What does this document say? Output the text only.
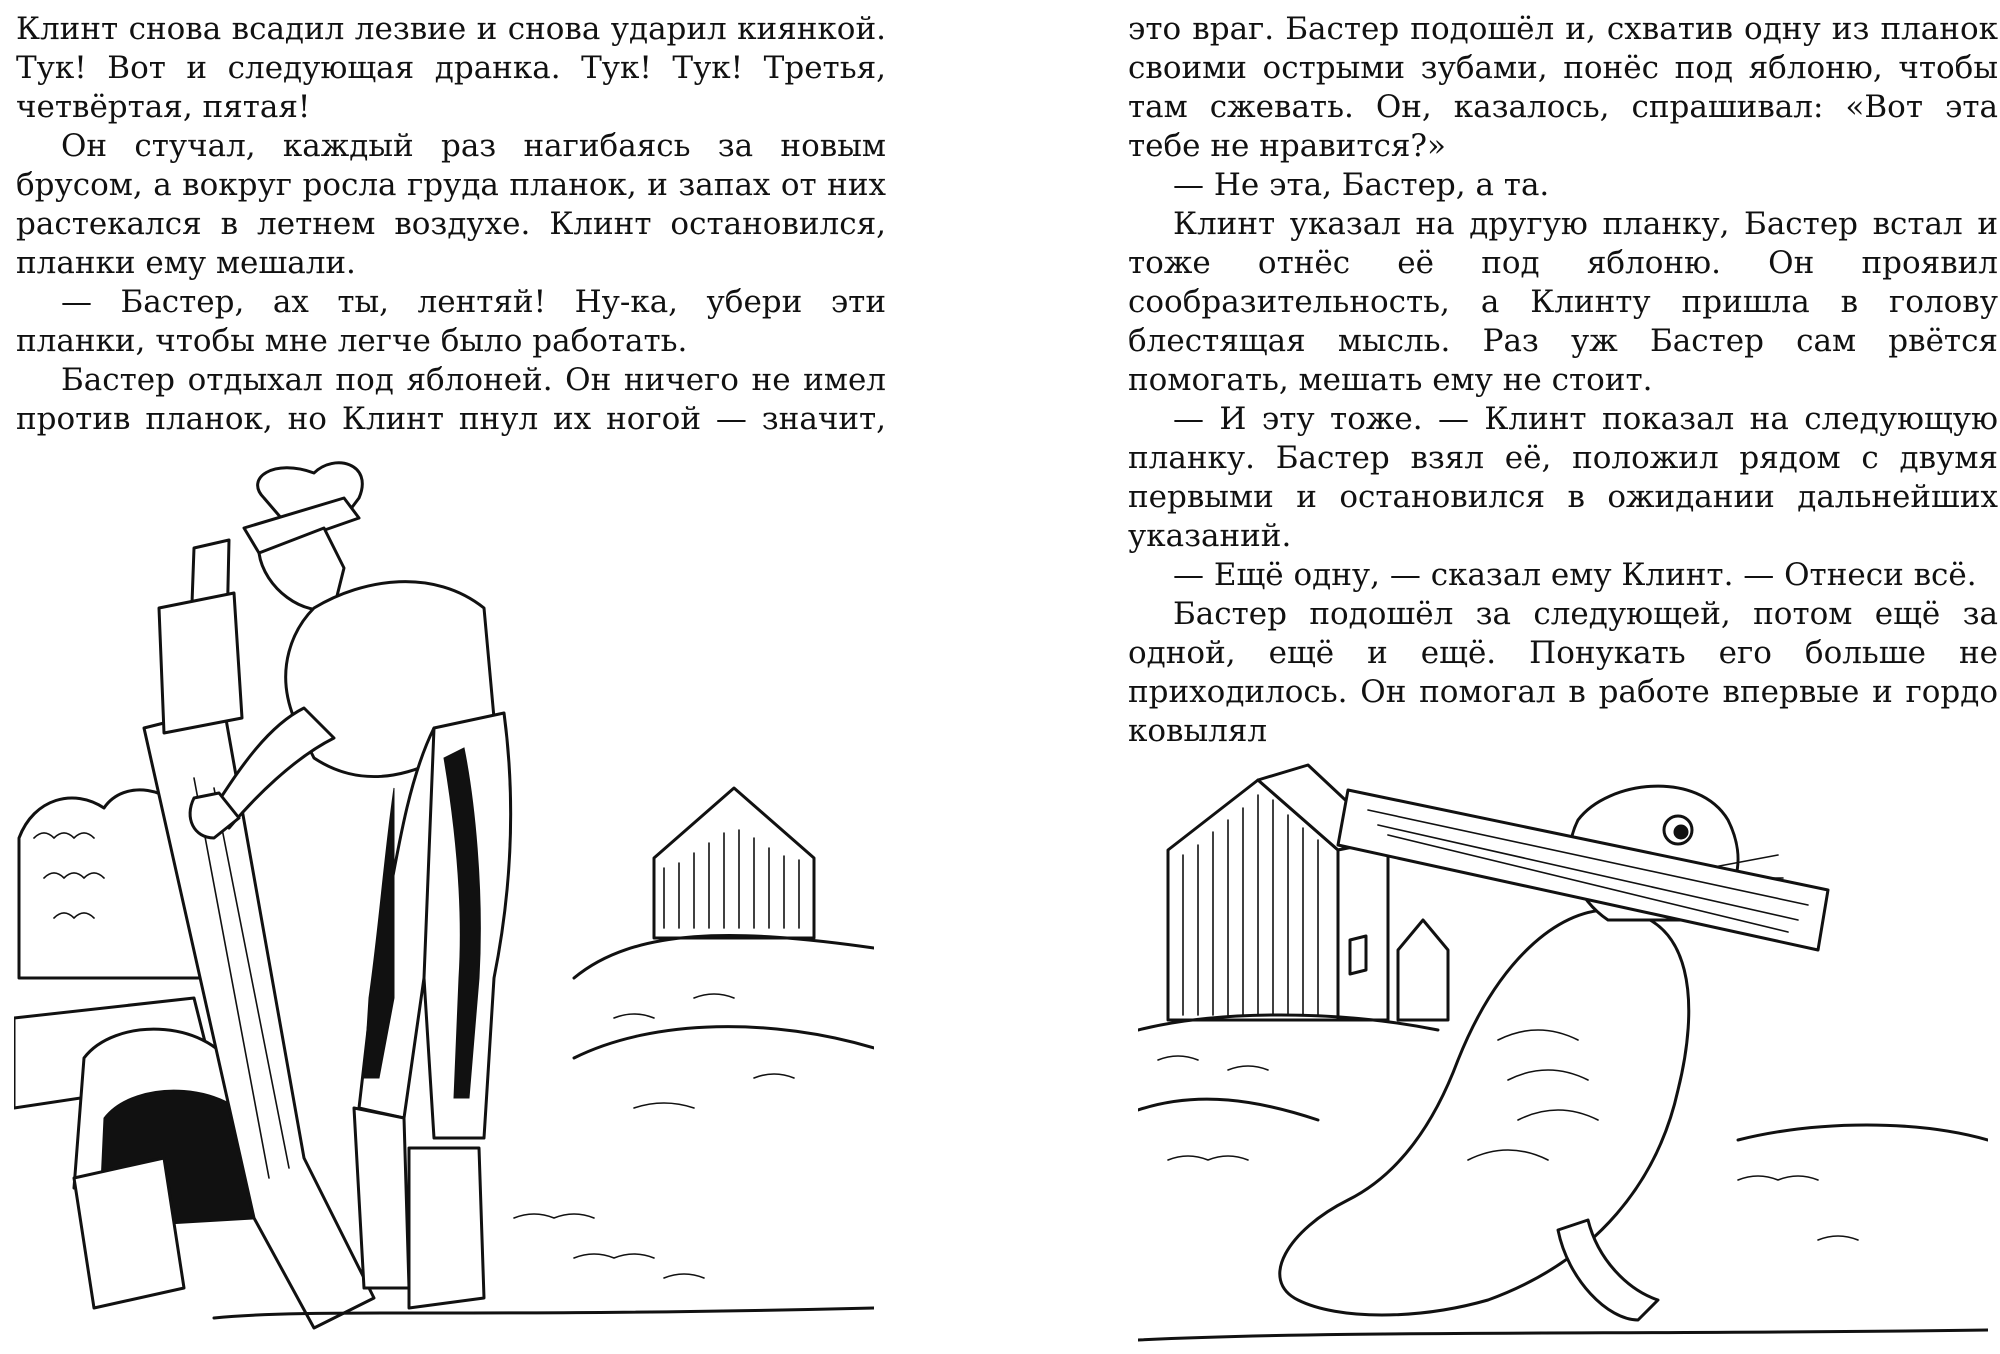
Клинт снова всадил лезвие и снова ударил киянкой. Тук! Вот и следующая дранка. Тук! Тук! Третья, четвёртая, пятая!

Он стучал, каждый раз нагибаясь за новым брусом, а вокруг росла груда планок, и запах от них растекался в летнем воздухе. Клинт остановился, планки ему мешали.

— Бастер, ах ты, лентяй! Ну-ка, убери эти планки, чтобы мне легче было работать.

Бастер отдыхал под яблоней. Он ничего не имел против планок, но Клинт пнул их ногой — значит,

это враг. Бастер подошёл и, схватив одну из планок своими острыми зубами, понёс под яблоню, чтобы там сжевать. Он, казалось, спрашивал: «Вот эта тебе не нравится?»

— Не эта, Бастер, а та.

Клинт указал на другую планку, Бастер встал и тоже отнёс её под яблоню. Он проявил сообразительность, а Клинту пришла в голову блестящая мысль. Раз уж Бастер сам рвётся помогать, мешать ему не стоит.

— И эту тоже. — Клинт показал на следующую планку. Бастер взял её, положил рядом с двумя первыми и остановился в ожидании дальнейших указаний.

— Ещё одну, — сказал ему Клинт. — Отнеси всё.

Бастер подошёл за следующей, потом ещё за одной, ещё и ещё. Понукать его больше не приходилось. Он помогал в работе впервые и гордо ковылял
